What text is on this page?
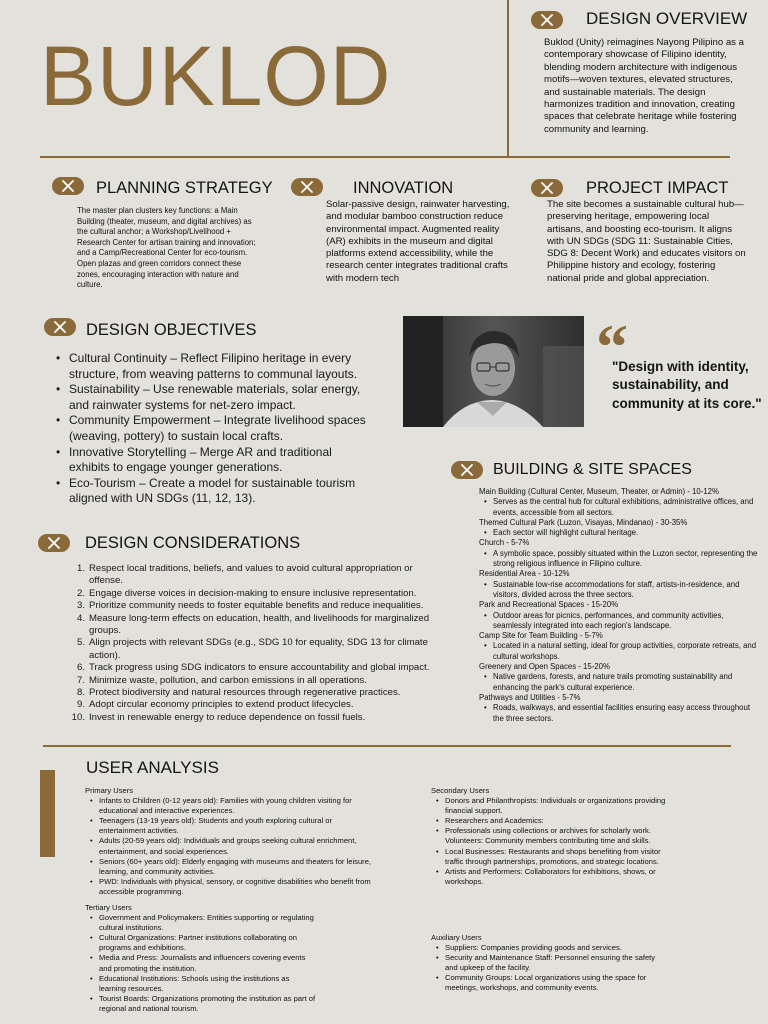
BUKLOD
DESIGN OVERVIEW
Buklod (Unity) reimagines Nayong Pilipino as a contemporary showcase of Filipino identity, blending modern architecture with indigenous motifs—woven textures, elevated structures, and sustainable materials. The design harmonizes tradition and innovation, creating spaces that celebrate heritage while fostering community and learning.
PLANNING STRATEGY
The master plan clusters key functions: a Main Building (theater, museum, and digital archives) as the cultural anchor; a Workshop/Livelihood + Research Center for artisan training and innovation; and a Camp/Recreational Center for eco-tourism. Open plazas and green corridors connect these zones, encouraging interaction with nature and culture.
INNOVATION
Solar-passive design, rainwater harvesting, and modular bamboo construction reduce environmental impact. Augmented reality (AR) exhibits in the museum and digital platforms extend accessibility, while the research center integrates traditional crafts with modern tech
PROJECT IMPACT
The site becomes a sustainable cultural hub—preserving heritage, empowering local artisans, and boosting eco-tourism. It aligns with UN SDGs (SDG 11: Sustainable Cities, SDG 8: Decent Work) and educates visitors on Philippine history and ecology, fostering national pride and global appreciation.
DESIGN OBJECTIVES
• Cultural Continuity – Reflect Filipino heritage in every structure, from weaving patterns to communal layouts.
• Sustainability – Use renewable materials, solar energy, and rainwater systems for net-zero impact.
• Community Empowerment – Integrate livelihood spaces (weaving, pottery) to sustain local crafts.
• Innovative Storytelling – Merge AR and traditional exhibits to engage younger generations.
• Eco-Tourism – Create a model for sustainable tourism aligned with UN SDGs (11, 12, 13).
“
"Design with identity, sustainability, and community at its core."
DESIGN CONSIDERATIONS
1. Respect local traditions, beliefs, and values to avoid cultural appropriation or offense.
2. Engage diverse voices in decision-making to ensure inclusive representation.
3. Prioritize community needs to foster equitable benefits and reduce inequalities.
4. Measure long-term effects on education, health, and livelihoods for marginalized groups.
5. Align projects with relevant SDGs (e.g., SDG 10 for equality, SDG 13 for climate action).
6. Track progress using SDG indicators to ensure accountability and global impact.
7. Minimize waste, pollution, and carbon emissions in all operations.
8. Protect biodiversity and natural resources through regenerative practices.
9. Adopt circular economy principles to extend product lifecycles.
10. Invest in renewable energy to reduce dependence on fossil fuels.
BUILDING & SITE SPACES
Main Building (Cultural Center, Museum, Theater, or Admin) - 10-12%
• Serves as the central hub for cultural exhibitions, administrative offices, and events, accessible from all sectors.
Themed Cultural Park (Luzon, Visayas, Mindanao) - 30-35%
• Each sector will highlight cultural heritage.
Church - 5-7%
• A symbolic space, possibly situated within the Luzon sector, representing the strong religious influence in Filipino culture.
Residential Area - 10-12%
• Sustainable low-rise accommodations for staff, artists-in-residence, and visitors, divided across the three sectors.
Park and Recreational Spaces - 15-20%
• Outdoor areas for picnics, performances, and community activities, seamlessly integrated into each region's landscape.
Camp Site for Team Building - 5-7%
• Located in a natural setting, ideal for group activities, corporate retreats, and cultural workshops.
Greenery and Open Spaces - 15-20%
• Native gardens, forests, and nature trails promoting sustainability and enhancing the park's cultural experience.
Pathways and Utilities - 5-7%
• Roads, walkways, and essential facilities ensuring easy access throughout the three sectors.
USER ANALYSIS
Primary Users
• Infants to Children (0-12 years old): Families with young children visiting for educational and interactive experiences.
• Teenagers (13-19 years old): Students and youth exploring cultural or entertainment activities.
• Adults (20-59 years old): Individuals and groups seeking cultural enrichment, entertainment, and social experiences.
• Seniors (60+ years old): Elderly engaging with museums and theaters for leisure, learning, and community activities.
• PWD: Individuals with physical, sensory, or cognitive disabilities who benefit from accessible programming.
Tertiary Users
• Government and Policymakers: Entities supporting or regulating cultural institutions.
• Cultural Organizations: Partner institutions collaborating on programs and exhibitions.
• Media and Press: Journalists and influencers covering events and promoting the institution.
• Educational Institutions: Schools using the institutions as learning resources.
• Tourist Boards: Organizations promoting the institution as part of regional and national tourism.
Secondary Users
• Donors and Philanthropists: Individuals or organizations providing financial support.
• Researchers and Academics:
• Professionals using collections or archives for scholarly work. Volunteers: Community members contributing time and skills.
• Local Businesses: Restaurants and shops benefiting from visitor traffic through partnerships, promotions, and strategic locations.
• Artists and Performers: Collaborators for exhibitions, shows, or workshops.
Auxiliary Users
• Suppliers: Companies providing goods and services.
• Security and Maintenance Staff: Personnel ensuring the safety and upkeep of the facility.
• Community Groups: Local organizations using the space for meetings, workshops, and community events.
